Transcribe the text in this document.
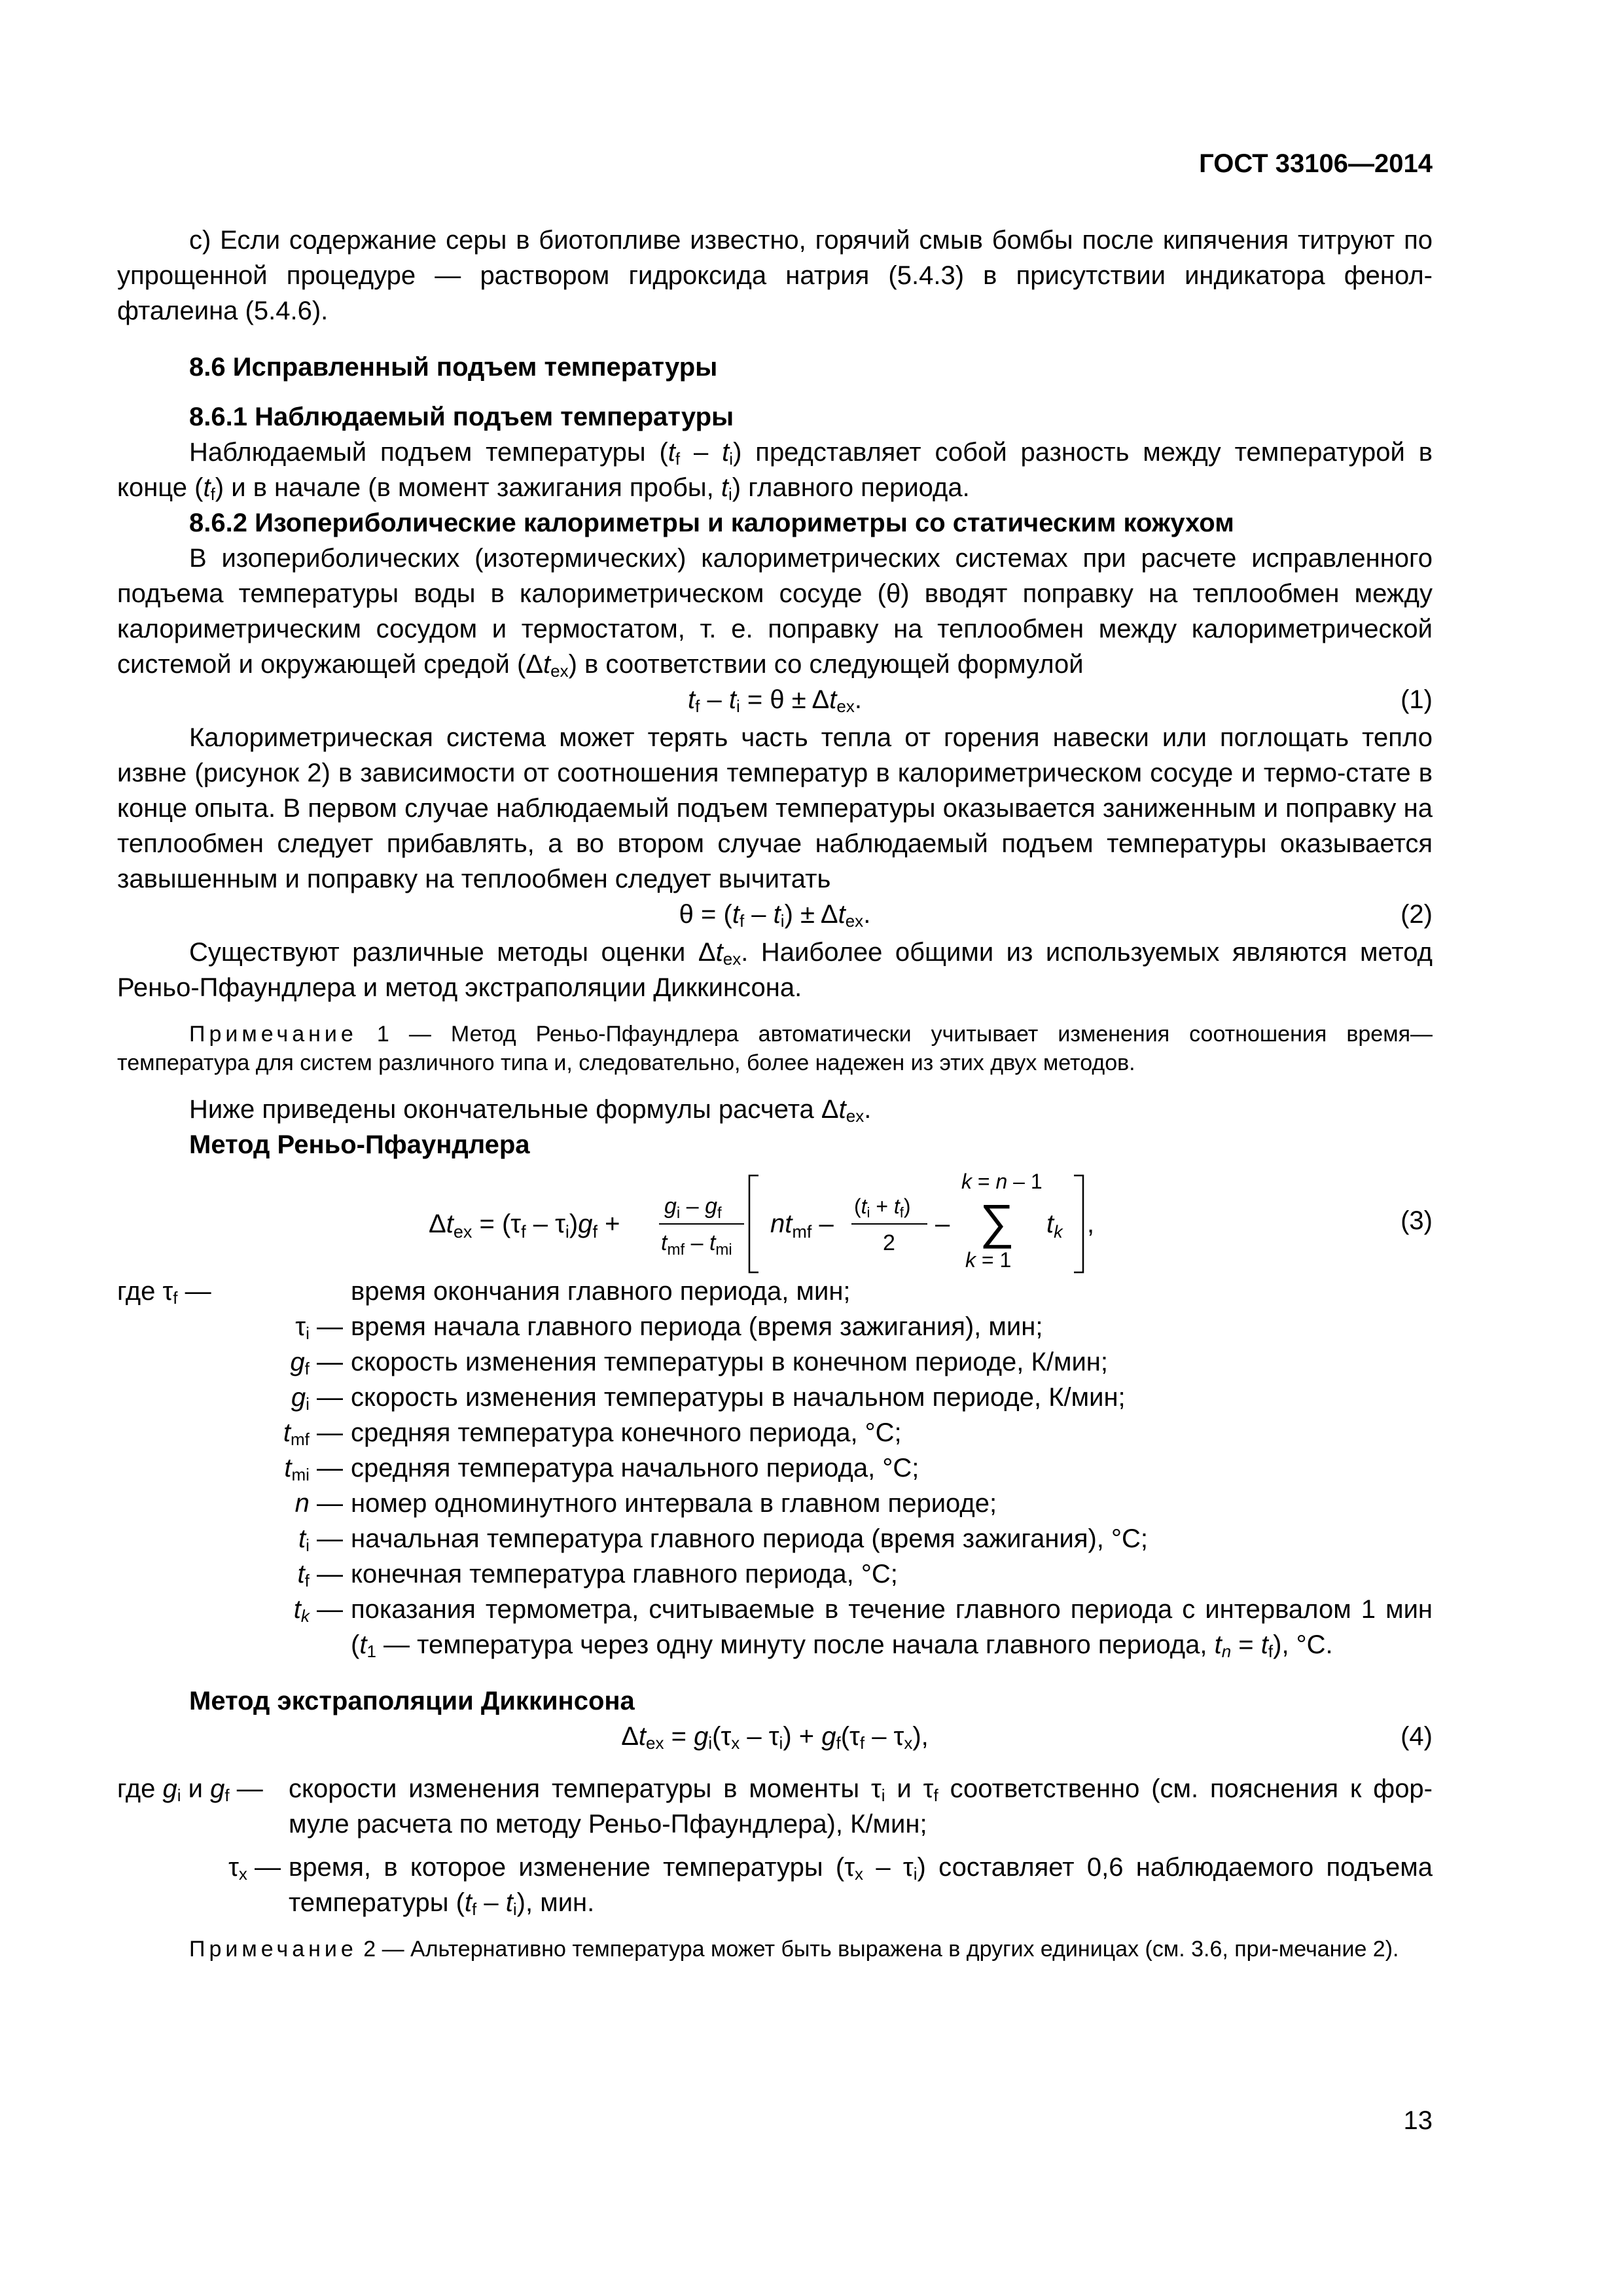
ГОСТ 33106—2014

с) Если содержание серы в биотопливе известно, горячий смыв бомбы после кипячения титруют по упрощенной процедуре — раствором гидроксида натрия (5.4.3) в присутствии индикатора фенол-фталеина (5.4.6).

8.6 Исправленный подъем температуры

8.6.1 Наблюдаемый подъем температуры

Наблюдаемый подъем температуры $(t_f - t_i)$ представляет собой разность между температурой в конце $(t_f)$ и в начале (в момент зажигания пробы, $t_i$) главного периода.

8.6.2 Изопериболические калориметры и калориметры со статическим кожухом

В изопериболических (изотермических) калориметрических системах при расчете исправленного подъема температуры воды в калориметрическом сосуде (θ) вводят поправку на теплообмен между калориметрическим сосудом и термостатом, т. е. поправку на теплообмен между калориметрической системой и окружающей средой $(\Delta t_{ex})$ в соответствии со следующей формулой

$t_f - t_i = \theta \pm \Delta t_{ex}$.	(1)

Калориметрическая система может терять часть тепла от горения навески или поглощать тепло извне (рисунок 2) в зависимости от соотношения температур в калориметрическом сосуде и термо-стате в конце опыта. В первом случае наблюдаемый подъем температуры оказывается заниженным и поправку на теплообмен следует прибавлять, а во втором случае наблюдаемый подъем температуры оказывается завышенным и поправку на теплообмен следует вычитать

$\theta = (t_f - t_i) \pm \Delta t_{ex}$.	(2)

Существуют различные методы оценки $\Delta t_{ex}$. Наиболее общими из используемых являются метод Реньо-Пфаундлера и метод экстраполяции Диккинсона.

Примечание 1 — Метод Реньо-Пфаундлера автоматически учитывает изменения соотношения время—температура для систем различного типа и, следовательно, более надежен из этих двух методов.

Ниже приведены окончательные формулы расчета $\Delta t_{ex}$.

Метод Реньо-Пфаундлера

$\Delta t_{ex} = (\tau_f - \tau_i)g_f$ +
$g_i - g_f$
$t_{mf} - t_{mi}$
$nt_{mf}$ –
(ti + tf)
2
–
k = n – 1
∑
k = 1
$t_k$ ,	(3)
где $\tau_f$ —	время окончания главного периода, мин;
$\tau_i$ — время начала главного периода (время зажигания), мин;
$g_f$ — скорость изменения температуры в конечном периоде, К/мин;
$g_i$ — скорость изменения температуры в начальном периоде, К/мин;
$t_{mf}$ — средняя температура конечного периода, °С;
$t_{mi}$ — средняя температура начального периода, °С;
n — номер одноминутного интервала в главном периоде;
$t_i$ — начальная температура главного периода (время зажигания), °С;
$t_f$ — конечная температура главного периода, °С;
$t_k$ — показания термометра, считываемые в течение главного периода с интервалом 1 мин ($t_1$ — температура через одну минуту после начала главного периода, $t_n = t_f$), °С.

Метод экстраполяции Диккинсона

$\Delta t_{ex} = g_i(\tau_x - \tau_i) + g_f(\tau_f - \tau_x)$,	(4)
где $g_i$ и $g_f$ — скорости изменения температуры в моменты $\tau_i$ и $\tau_f$ соответственно (см. пояснения к фор-муле расчета по методу Реньо-Пфаундлера), К/мин;
$\tau_x$ — время, в которое изменение температуры $(\tau_x - \tau_i)$ составляет 0,6 наблюдаемого подъема температуры $(t_f - t_i)$, мин.

Примечание 2 — Альтернативно температура может быть выражена в других единицах (см. 3.6, при-мечание 2).

13
